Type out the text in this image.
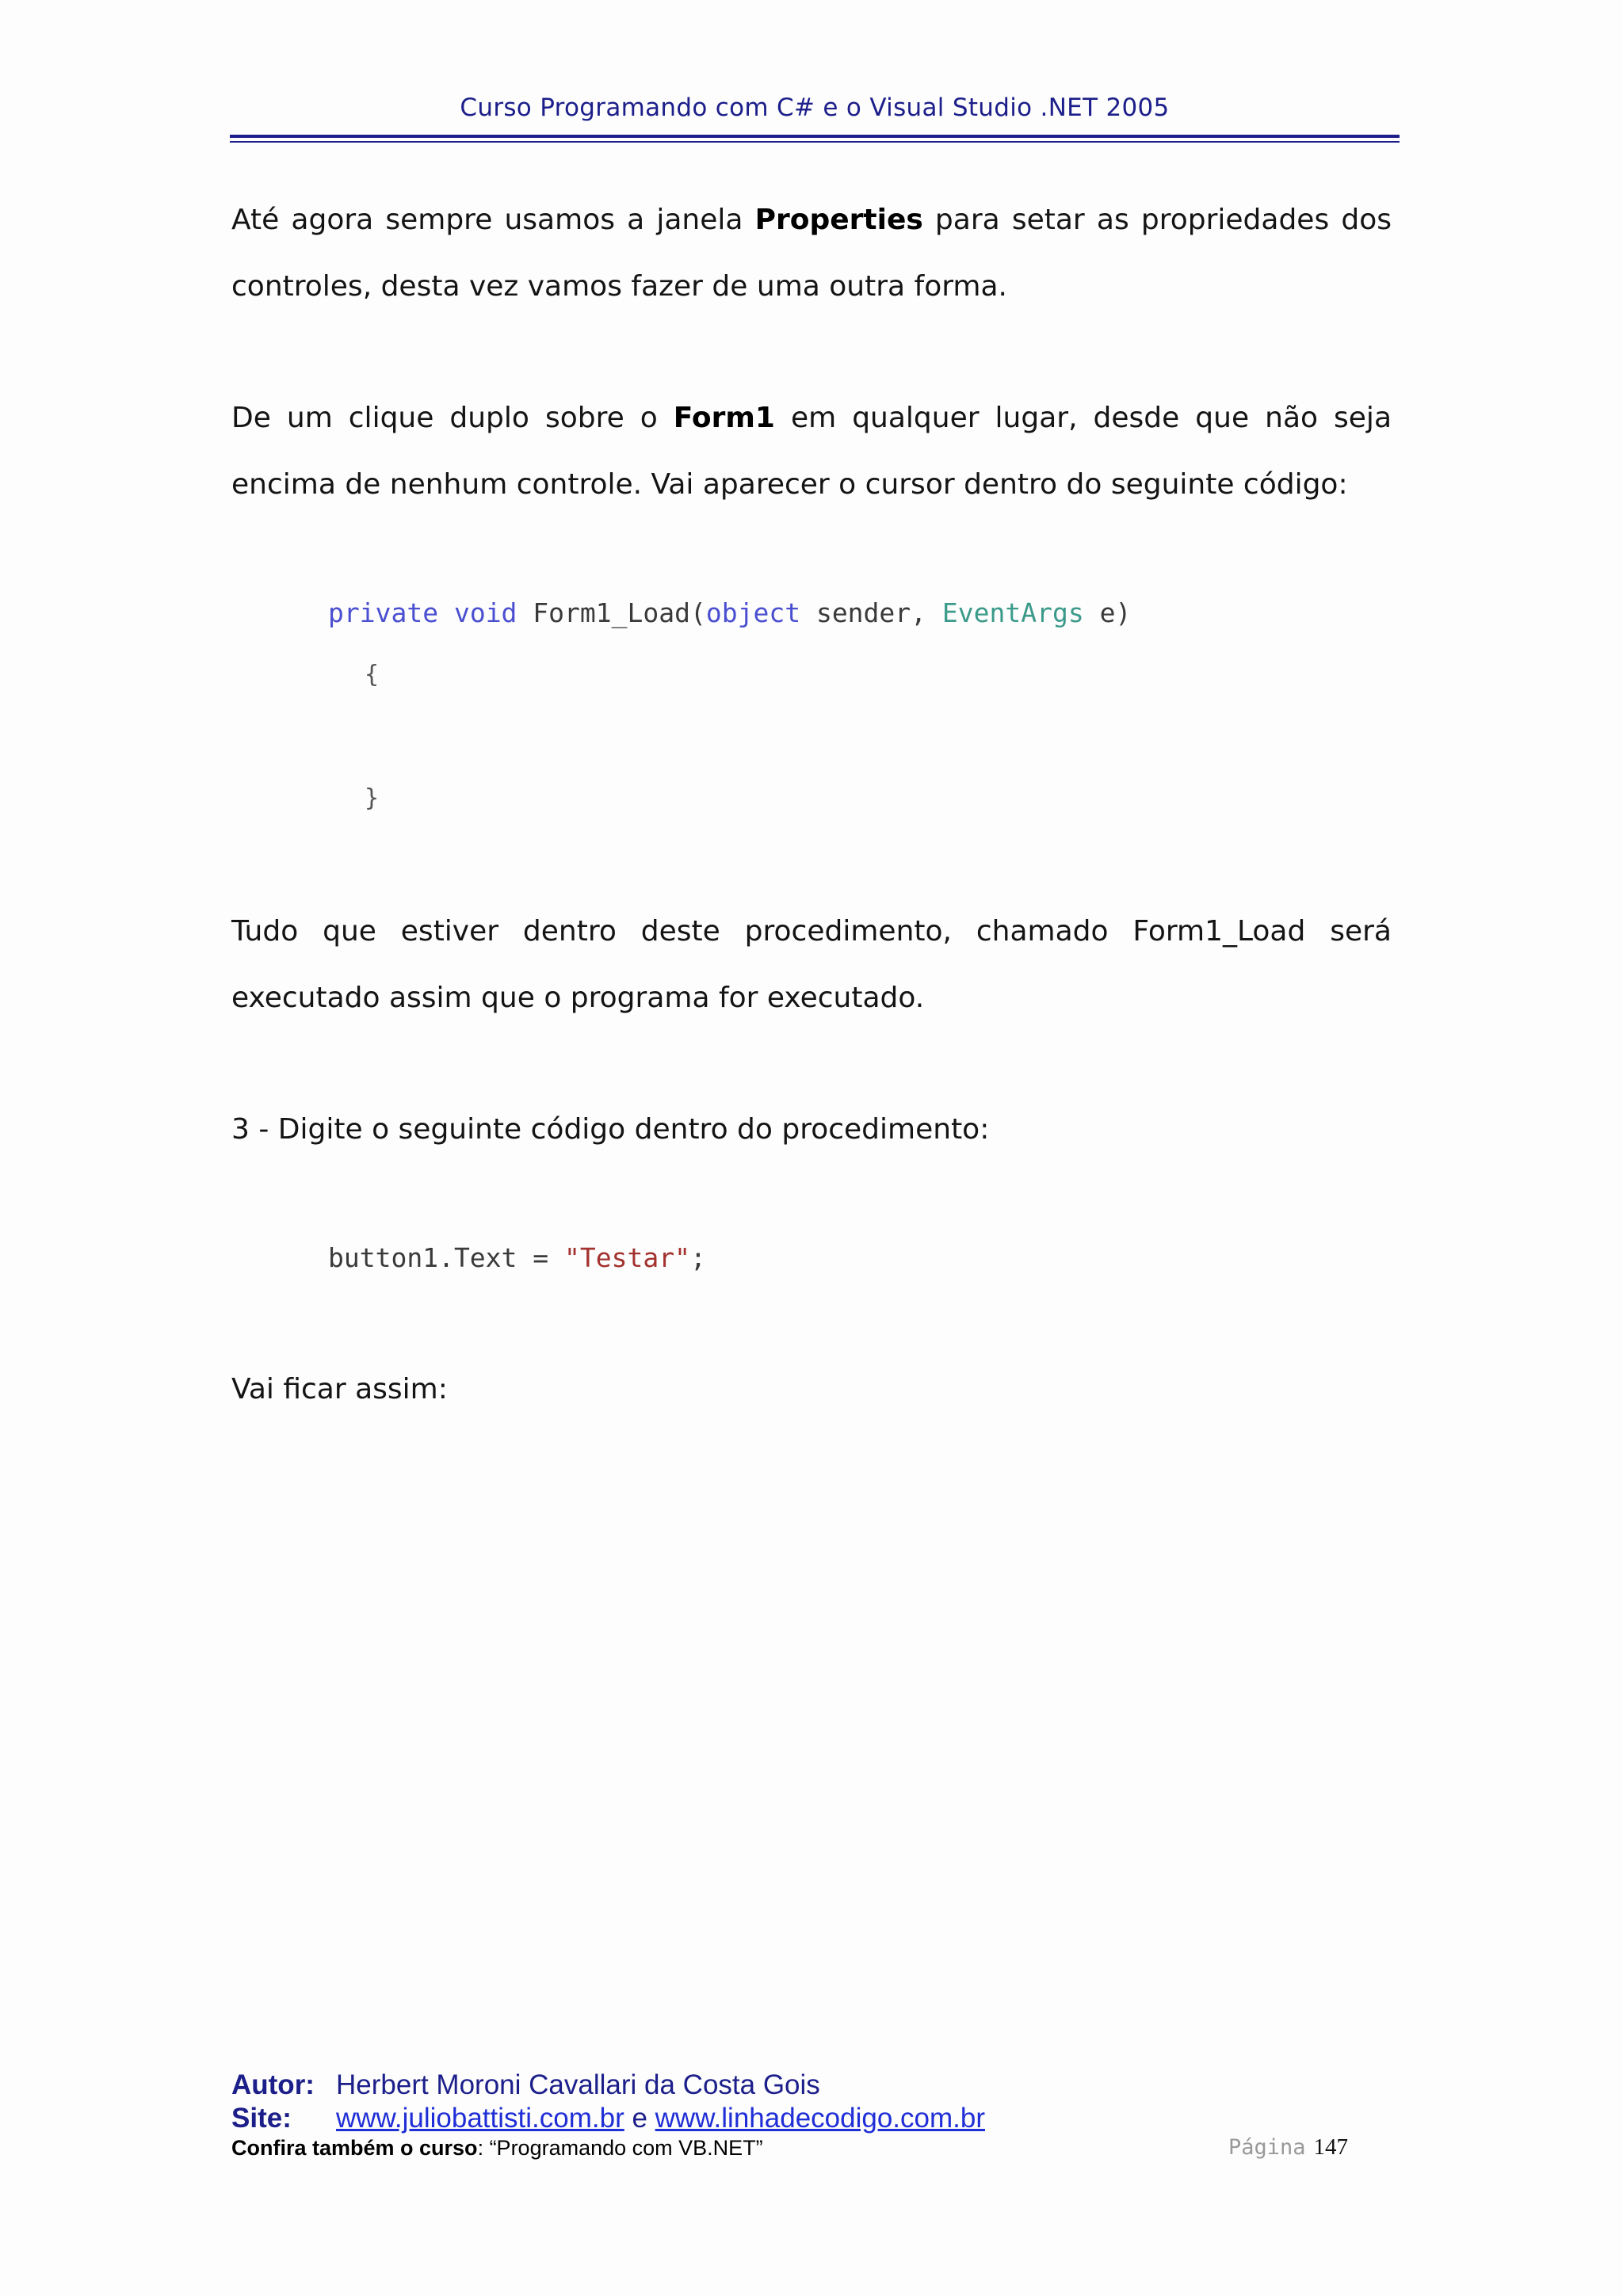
Curso Programando com C# e o Visual Studio .NET 2005
Até agora sempre usamos a janela Properties para setar as propriedades dos controles, desta vez vamos fazer de uma outra forma.
De um clique duplo sobre o Form1 em qualquer lugar, desde que não seja encima de nenhum controle. Vai aparecer o cursor dentro do seguinte código:
private void Form1_Load(object sender, EventArgs e)
{
}
Tudo que estiver dentro deste procedimento, chamado Form1_Load será executado assim que o programa for executado.
3 - Digite o seguinte código dentro do procedimento:
button1.Text = "Testar";
Vai ficar assim:
Autor: Herbert Moroni Cavallari da Costa Gois
Site: www.juliobattisti.com.br e www.linhadecodigo.com.br
Confira também o curso: “Programando com VB.NET”	Página 147
